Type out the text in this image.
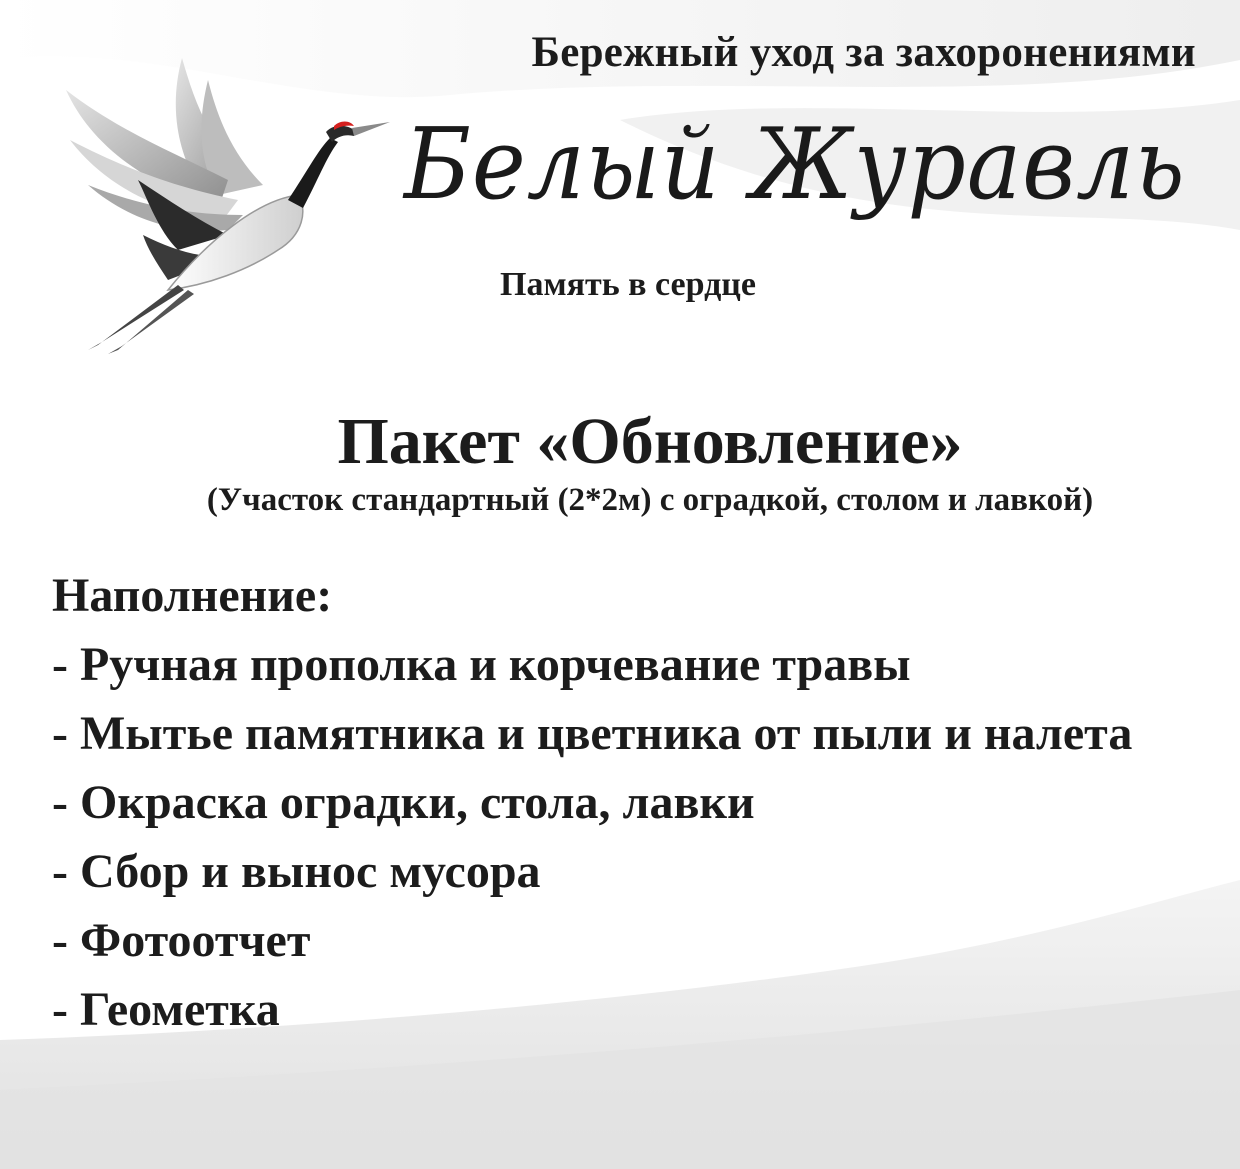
Бережный уход за захоронениями
Белый Журавль
Память в сердце
Пакет «Обновление»
(Участок стандартный (2*2м) с оградкой, столом и лавкой)
Наполнение:
- Ручная прополка и корчевание травы
- Мытье памятника и цветника от пыли и налета
- Окраска оградки, стола, лавки
- Сбор и вынос мусора
- Фотоотчет
- Геометка
